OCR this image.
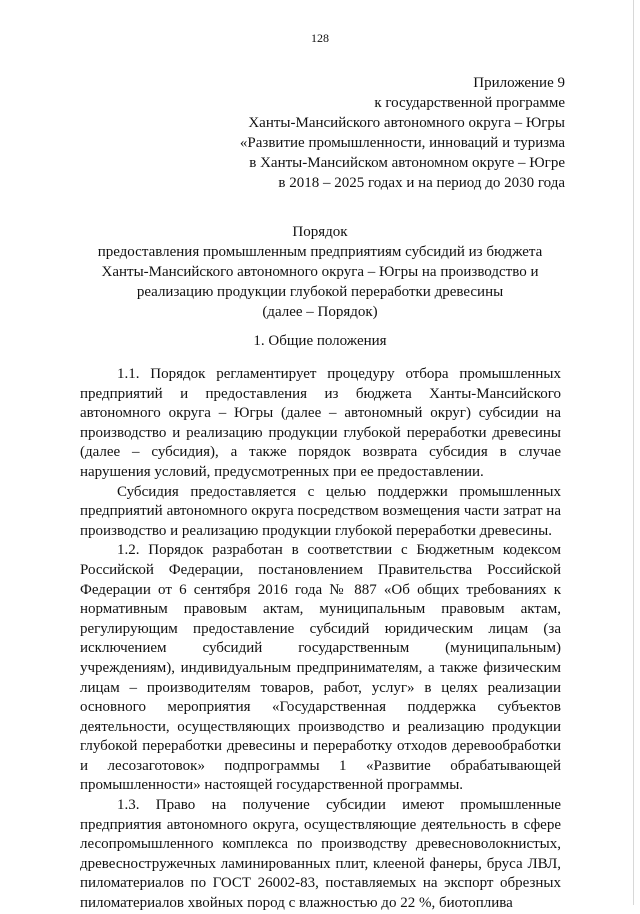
128
Приложение 9
к государственной программе
Ханты-Мансийского автономного округа – Югры
«Развитие промышленности, инноваций и туризма
в Ханты-Мансийском автономном округе – Югре
в 2018 – 2025 годах и на период до 2030 года
Порядок
предоставления промышленным предприятиям субсидий из бюджета
Ханты-Мансийского автономного округа – Югры на производство и
реализацию продукции глубокой переработки древесины
(далее – Порядок)
1. Общие положения

1.1. Порядок регламентирует процедуру отбора промышленных предприятий и предоставления из бюджета Ханты-Мансийского автономного округа – Югры (далее – автономный округ) субсидии на производство и реализацию продукции глубокой переработки древесины (далее – субсидия), а также порядок возврата субсидия в случае нарушения условий, предусмотренных при ее предоставлении.

Субсидия предоставляется с целью поддержки промышленных предприятий автономного округа посредством возмещения части затрат на производство и реализацию продукции глубокой переработки древесины.

1.2. Порядок разработан в соответствии с Бюджетным кодексом Российской Федерации, постановлением Правительства Российской Федерации от 6 сентября 2016 года № 887 «Об общих требованиях к нормативным правовым актам, муниципальным правовым актам, регулирующим предоставление субсидий юридическим лицам (за исключением субсидий государственным (муниципальным) учреждениям), индивидуальным предпринимателям, а также физическим лицам – производителям товаров, работ, услуг» в целях реализации основного мероприятия «Государственная поддержка субъектов деятельности, осуществляющих производство и реализацию продукции глубокой переработки древесины и переработку отходов деревообработки и лесозаготовок» подпрограммы 1 «Развитие обрабатывающей промышленности» настоящей государственной программы.

1.3. Право на получение субсидии имеют промышленные предприятия автономного округа, осуществляющие деятельность в сфере лесопромышленного комплекса по производству древесноволокнистых, древесностружечных ламинированных плит, клееной фанеры, бруса ЛВЛ, пиломатериалов по ГОСТ 26002-83, поставляемых на экспорт обрезных пиломатериалов хвойных пород с влажностью до 22 %, биотоплива
